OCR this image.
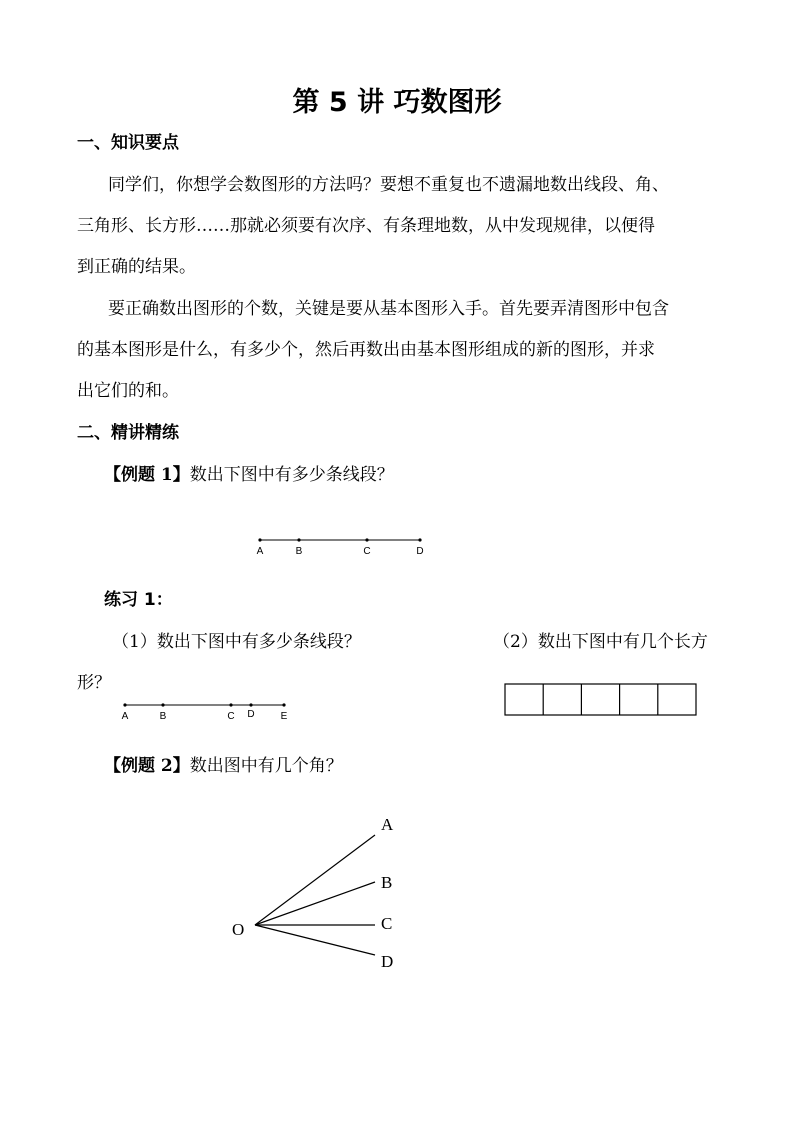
第 5 讲 巧数图形
一、知识要点
同学们，你想学会数图形的方法吗？要想不重复也不遗漏地数出线段、角、
三角形、长方形……那就必须要有次序、有条理地数，从中发现规律，以便得
到正确的结果。
要正确数出图形的个数，关键是要从基本图形入手。首先要弄清图形中包含
的基本图形是什么，有多少个，然后再数出由基本图形组成的新的图形，并求
出它们的和。
二、精讲精练
【例题 1】数出下图中有多少条线段？
A	B	C	D
练习 1：
（1）数出下图中有多少条线段？	（2）数出下图中有几个长方
形？
A	B	C D	E
【例题 2】数出图中有几个角？
O
A
B
C
D
